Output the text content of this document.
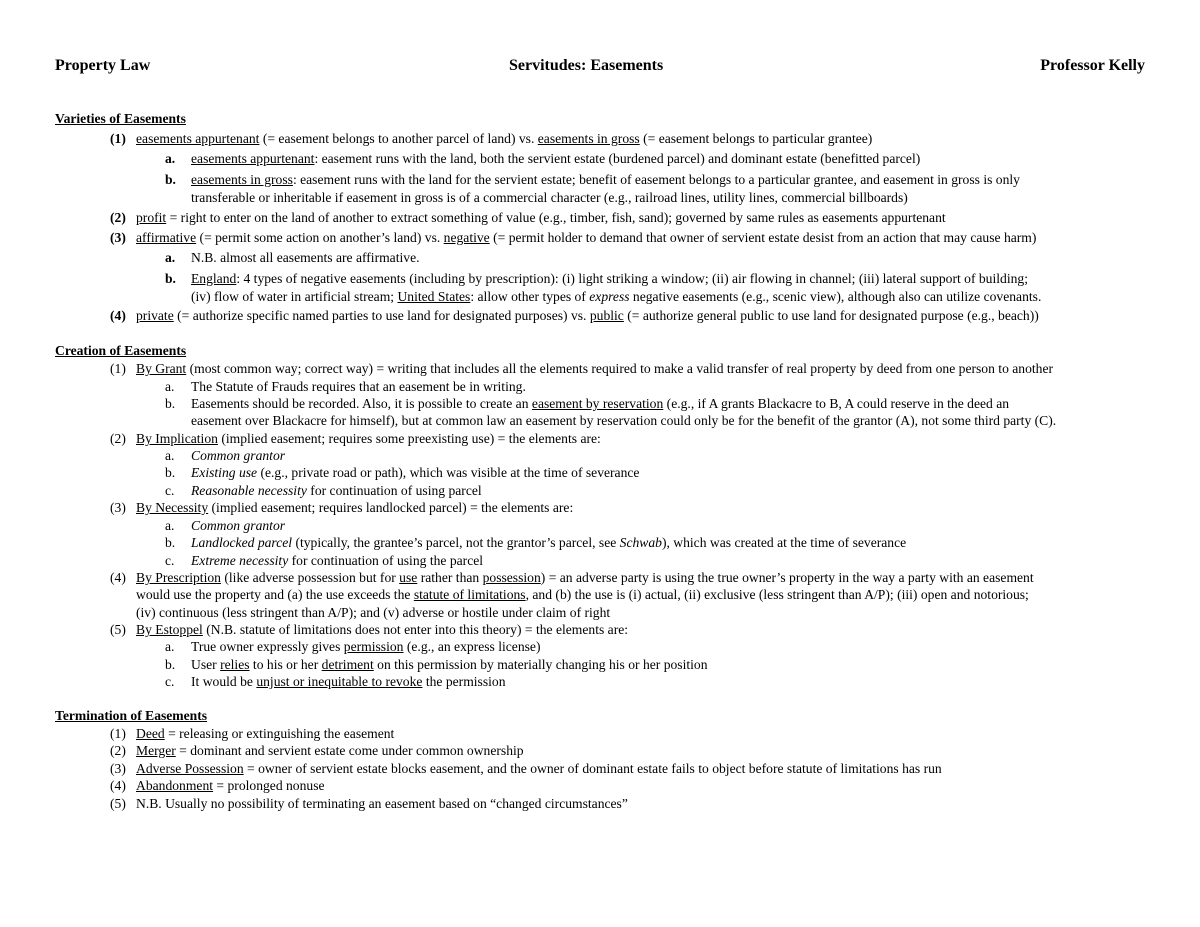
Property Law	Servitudes: Easements	Professor Kelly
Varieties of Easements
(1) easements appurtenant (= easement belongs to another parcel of land) vs. easements in gross (= easement belongs to particular grantee)
a. easements appurtenant: easement runs with the land, both the servient estate (burdened parcel) and dominant estate (benefitted parcel)
b. easements in gross: easement runs with the land for the servient estate; benefit of easement belongs to a particular grantee, and easement in gross is only
transferable or inheritable if easement in gross is of a commercial character (e.g., railroad lines, utility lines, commercial billboards)
(2) profit = right to enter on the land of another to extract something of value (e.g., timber, fish, sand); governed by same rules as easements appurtenant
(3) affirmative (= permit some action on another’s land) vs. negative (= permit holder to demand that owner of servient estate desist from an action that may cause harm)
a. N.B. almost all easements are affirmative.
b. England: 4 types of negative easements (including by prescription): (i) light striking a window; (ii) air flowing in channel; (iii) lateral support of building;
(iv) flow of water in artificial stream; United States: allow other types of express negative easements (e.g., scenic view), although also can utilize covenants.
(4) private (= authorize specific named parties to use land for designated purposes) vs. public (= authorize general public to use land for designated purpose (e.g., beach))
Creation of Easements
(1) By Grant (most common way; correct way) = writing that includes all the elements required to make a valid transfer of real property by deed from one person to another
a. The Statute of Frauds requires that an easement be in writing.
b. Easements should be recorded. Also, it is possible to create an easement by reservation (e.g., if A grants Blackacre to B, A could reserve in the deed an
easement over Blackacre for himself), but at common law an easement by reservation could only be for the benefit of the grantor (A), not some third party (C).
(2) By Implication (implied easement; requires some preexisting use) = the elements are:
a. Common grantor
b. Existing use (e.g., private road or path), which was visible at the time of severance
c. Reasonable necessity for continuation of using parcel
(3) By Necessity (implied easement; requires landlocked parcel) = the elements are:
a. Common grantor
b. Landlocked parcel (typically, the grantee’s parcel, not the grantor’s parcel, see Schwab), which was created at the time of severance
c. Extreme necessity for continuation of using the parcel
(4) By Prescription (like adverse possession but for use rather than possession) = an adverse party is using the true owner’s property in the way a party with an easement
would use the property and (a) the use exceeds the statute of limitations, and (b) the use is (i) actual, (ii) exclusive (less stringent than A/P); (iii) open and notorious;
(iv) continuous (less stringent than A/P); and (v) adverse or hostile under claim of right
(5) By Estoppel (N.B. statute of limitations does not enter into this theory) = the elements are:
a. True owner expressly gives permission (e.g., an express license)
b. User relies to his or her detriment on this permission by materially changing his or her position
c. It would be unjust or inequitable to revoke the permission
Termination of Easements
(1) Deed = releasing or extinguishing the easement
(2) Merger = dominant and servient estate come under common ownership
(3) Adverse Possession = owner of servient estate blocks easement, and the owner of dominant estate fails to object before statute of limitations has run
(4) Abandonment = prolonged nonuse
(5) N.B. Usually no possibility of terminating an easement based on “changed circumstances”
